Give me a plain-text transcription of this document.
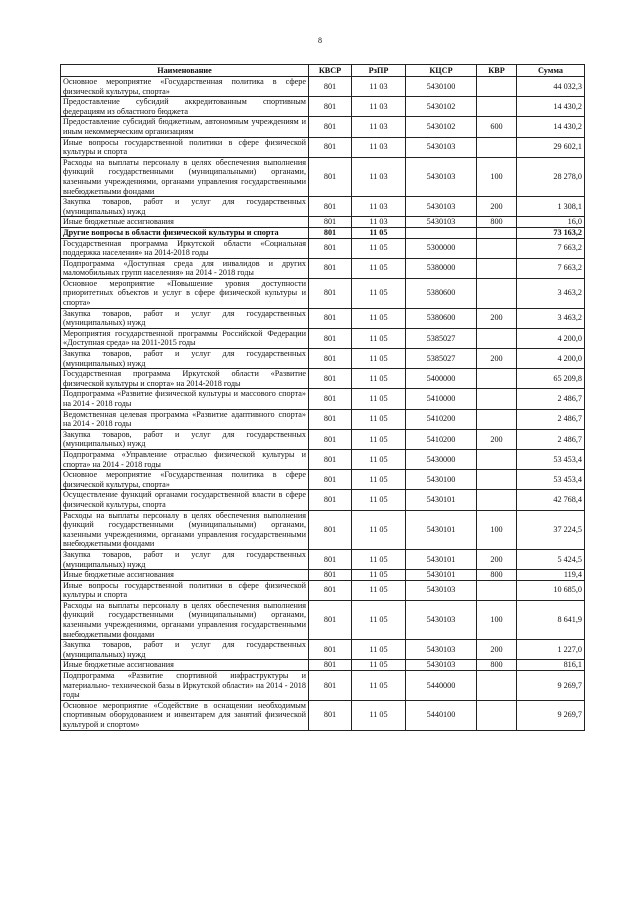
8
Наименование	КВСР	РзПР	КЦСР	КВР	Сумма
Основное мероприятие «Государственная политика в сфере физической культуры, спорта»	801	11 03	5430100		44 032,3
Предоставление субсидий аккредитованным спортивным федерациям из областного бюджета	801	11 03	5430102		14 430,2
Предоставление субсидий бюджетным, автономным учреждениям и иным некоммерческим организациям	801	11 03	5430102	600	14 430,2
Иные вопросы государственной политики в сфере физической культуры и спорта	801	11 03	5430103		29 602,1
Расходы на выплаты персоналу в целях обеспечения выполнения функций государственными (муниципальными) органами, казенными учреждениями, органами управления государственными внебюджетными фондами	801	11 03	5430103	100	28 278,0
Закупка товаров, работ и услуг для государственных (муниципальных) нужд	801	11 03	5430103	200	1 308,1
Иные бюджетные ассигнования	801	11 03	5430103	800	16,0
Другие вопросы в области физической культуры и спорта	801	11 05			73 163,2
Государственная программа Иркутской области «Социальная поддержка населения» на 2014-2018 годы	801	11 05	5300000		7 663,2
Подпрограмма «Доступная среда для инвалидов и других маломобильных групп населения» на 2014 - 2018 годы	801	11 05	5380000		7 663,2
Основное мероприятие «Повышение уровня доступности приоритетных объектов и услуг в сфере физической культуры и спорта»	801	11 05	5380600		3 463,2
Закупка товаров, работ и услуг для государственных (муниципальных) нужд	801	11 05	5380600	200	3 463,2
Мероприятия государственной программы Российской Федерации «Доступная среда» на 2011-2015 годы	801	11 05	5385027		4 200,0
Закупка товаров, работ и услуг для государственных (муниципальных) нужд	801	11 05	5385027	200	4 200,0
Государственная программа Иркутской области «Развитие физической культуры и спорта» на 2014-2018 годы	801	11 05	5400000		65 209,8
Подпрограмма «Развитие физической культуры и массового спорта» на 2014 - 2018 годы	801	11 05	5410000		2 486,7
Ведомственная целевая программа «Развитие адаптивного спорта» на 2014 - 2018 годы	801	11 05	5410200		2 486,7
Закупка товаров, работ и услуг для государственных (муниципальных) нужд	801	11 05	5410200	200	2 486,7
Подпрограмма «Управление отраслью физической культуры и спорта» на 2014 - 2018 годы	801	11 05	5430000		53 453,4
Основное мероприятие «Государственная политика в сфере физической культуры, спорта»	801	11 05	5430100		53 453,4
Осуществление функций органами государственной власти в сфере физической культуры, спорта	801	11 05	5430101		42 768,4
Расходы на выплаты персоналу в целях обеспечения выполнения функций государственными (муниципальными) органами, казенными учреждениями, органами управления государственными внебюджетными фондами	801	11 05	5430101	100	37 224,5
Закупка товаров, работ и услуг для государственных (муниципальных) нужд	801	11 05	5430101	200	5 424,5
Иные бюджетные ассигнования	801	11 05	5430101	800	119,4
Иные вопросы государственной политики в сфере физической культуры и спорта	801	11 05	5430103		10 685,0
Расходы на выплаты персоналу в целях обеспечения выполнения функций государственными (муниципальными) органами, казенными учреждениями, органами управления государственными внебюджетными фондами	801	11 05	5430103	100	8 641,9
Закупка товаров, работ и услуг для государственных (муниципальных) нужд	801	11 05	5430103	200	1 227,0
Иные бюджетные ассигнования	801	11 05	5430103	800	816,1
Подпрограмма «Развитие спортивной инфраструктуры и материально- технической базы в Иркутской области» на 2014 - 2018 годы	801	11 05	5440000		9 269,7
Основное мероприятие «Содействие в оснащении необходимым спортивным оборудованием и инвентарем для занятий физической культурой и спортом»	801	11 05	5440100		9 269,7
